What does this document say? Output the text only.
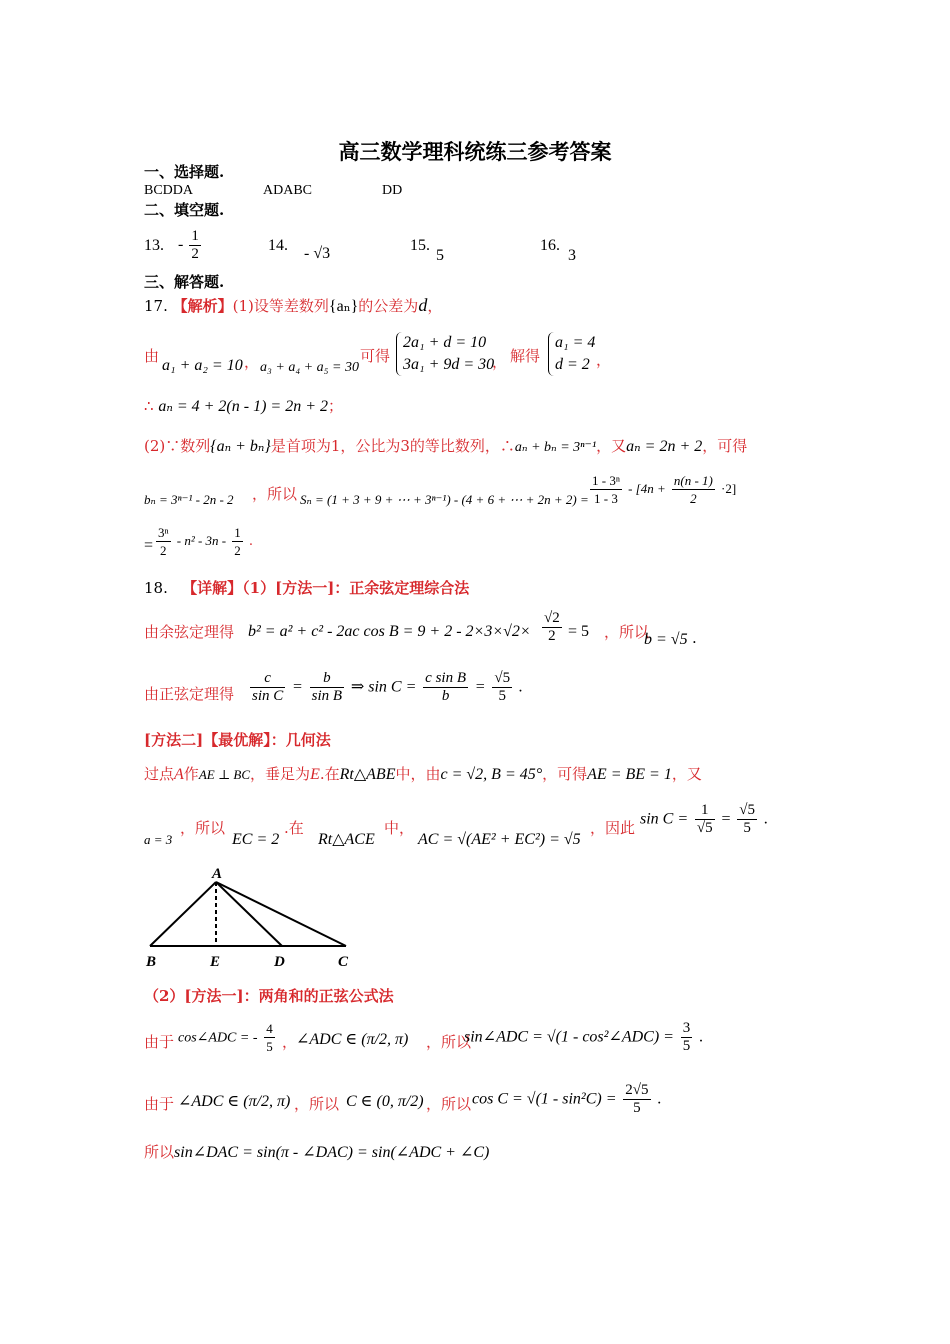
高三数学理科统练三参考答案
一、选择题.
BCDDA	ADABC	DD
二、填空题.
13. - $\frac{1}{2}$	14. - √3	15.
5
16.
3
三、解答题.
17. 【解析】(1)设等差数列{aₙ}的公差为d，
由
a₁ + a₂ = 10 ， a₃ + a₄ + a₅ = 30
可得
2a₁ + d = 10
3a₁ + 9d = 30
， 解得
a₁ = 4
d = 2 ，
∴ aₙ = 4 + 2(n - 1) = 2n + 2；
(2)∵数列{aₙ + bₙ}是首项为1，公比为3的等比数列，∴aₙ + bₙ = 3ⁿ⁻¹，又aₙ = 2n + 2，可得
bₙ = 3ⁿ⁻¹ - 2n - 2 ，所以 Sₙ = (1 + 3 + 9 + ⋯ + 3ⁿ⁻¹) - (4 + 6 + ⋯ + $2n + 2) = \frac{\text{1 - 3ⁿ}}{1 - 3} - [4n + \frac{n(n - 1)}{2} \cdot 2]$
= $\frac{\text{3ⁿ}}{2} - n^2 - 3n - \frac{1}{2}$ .
18. 【详解】（1）[方法一]：正余弦定理综合法
由余弦定理得 b² = a² + c² - 2ac $\cos B = 9 + 2 - 2\times 3\times√2\times \frac{√2}{2} = 5$ ，所以
b = √5 .
由正弦定理得 $\frac{c}{\text{sin C}} = \frac{b}{\text{sin B}}$ ⇒ $\sin C = \frac{\text{c sin B}}{b} = \frac{√5}{5}$ .
[方法二]【最优解】：几何法
过点A作AE ⊥ BC，垂足为E.在Rt△ABE中，由c = √2, B = 45°，可得AE = BE = 1，又
a = 3
，所以
EC = 2
.在
Rt△ACE
中，
AC = √(AE² + EC²) = √5
，因此 $\sin C = \frac{1}{√5} = \frac{√5}{5}$ .
A
B	E	D	C
（2）[方法一]：两角和的正弦公式法
由于 cos∠ADC = - $\frac{4}{5}$ ，
∠ADC ∈ (π/2, π) ，所以
sin∠ADC = √(1 - cos²∠ADC) = $\frac{3}{5}$ .
由于 ∠ADC ∈ (π/2, π) ，所以 C ∈ (0, π/2) ，所以 $\cos C = √(1 - \sin^2C) = \frac{2√5}{5}$ .
所以sin∠DAC = sin(π - ∠DAC) = sin(∠ADC + ∠C)
